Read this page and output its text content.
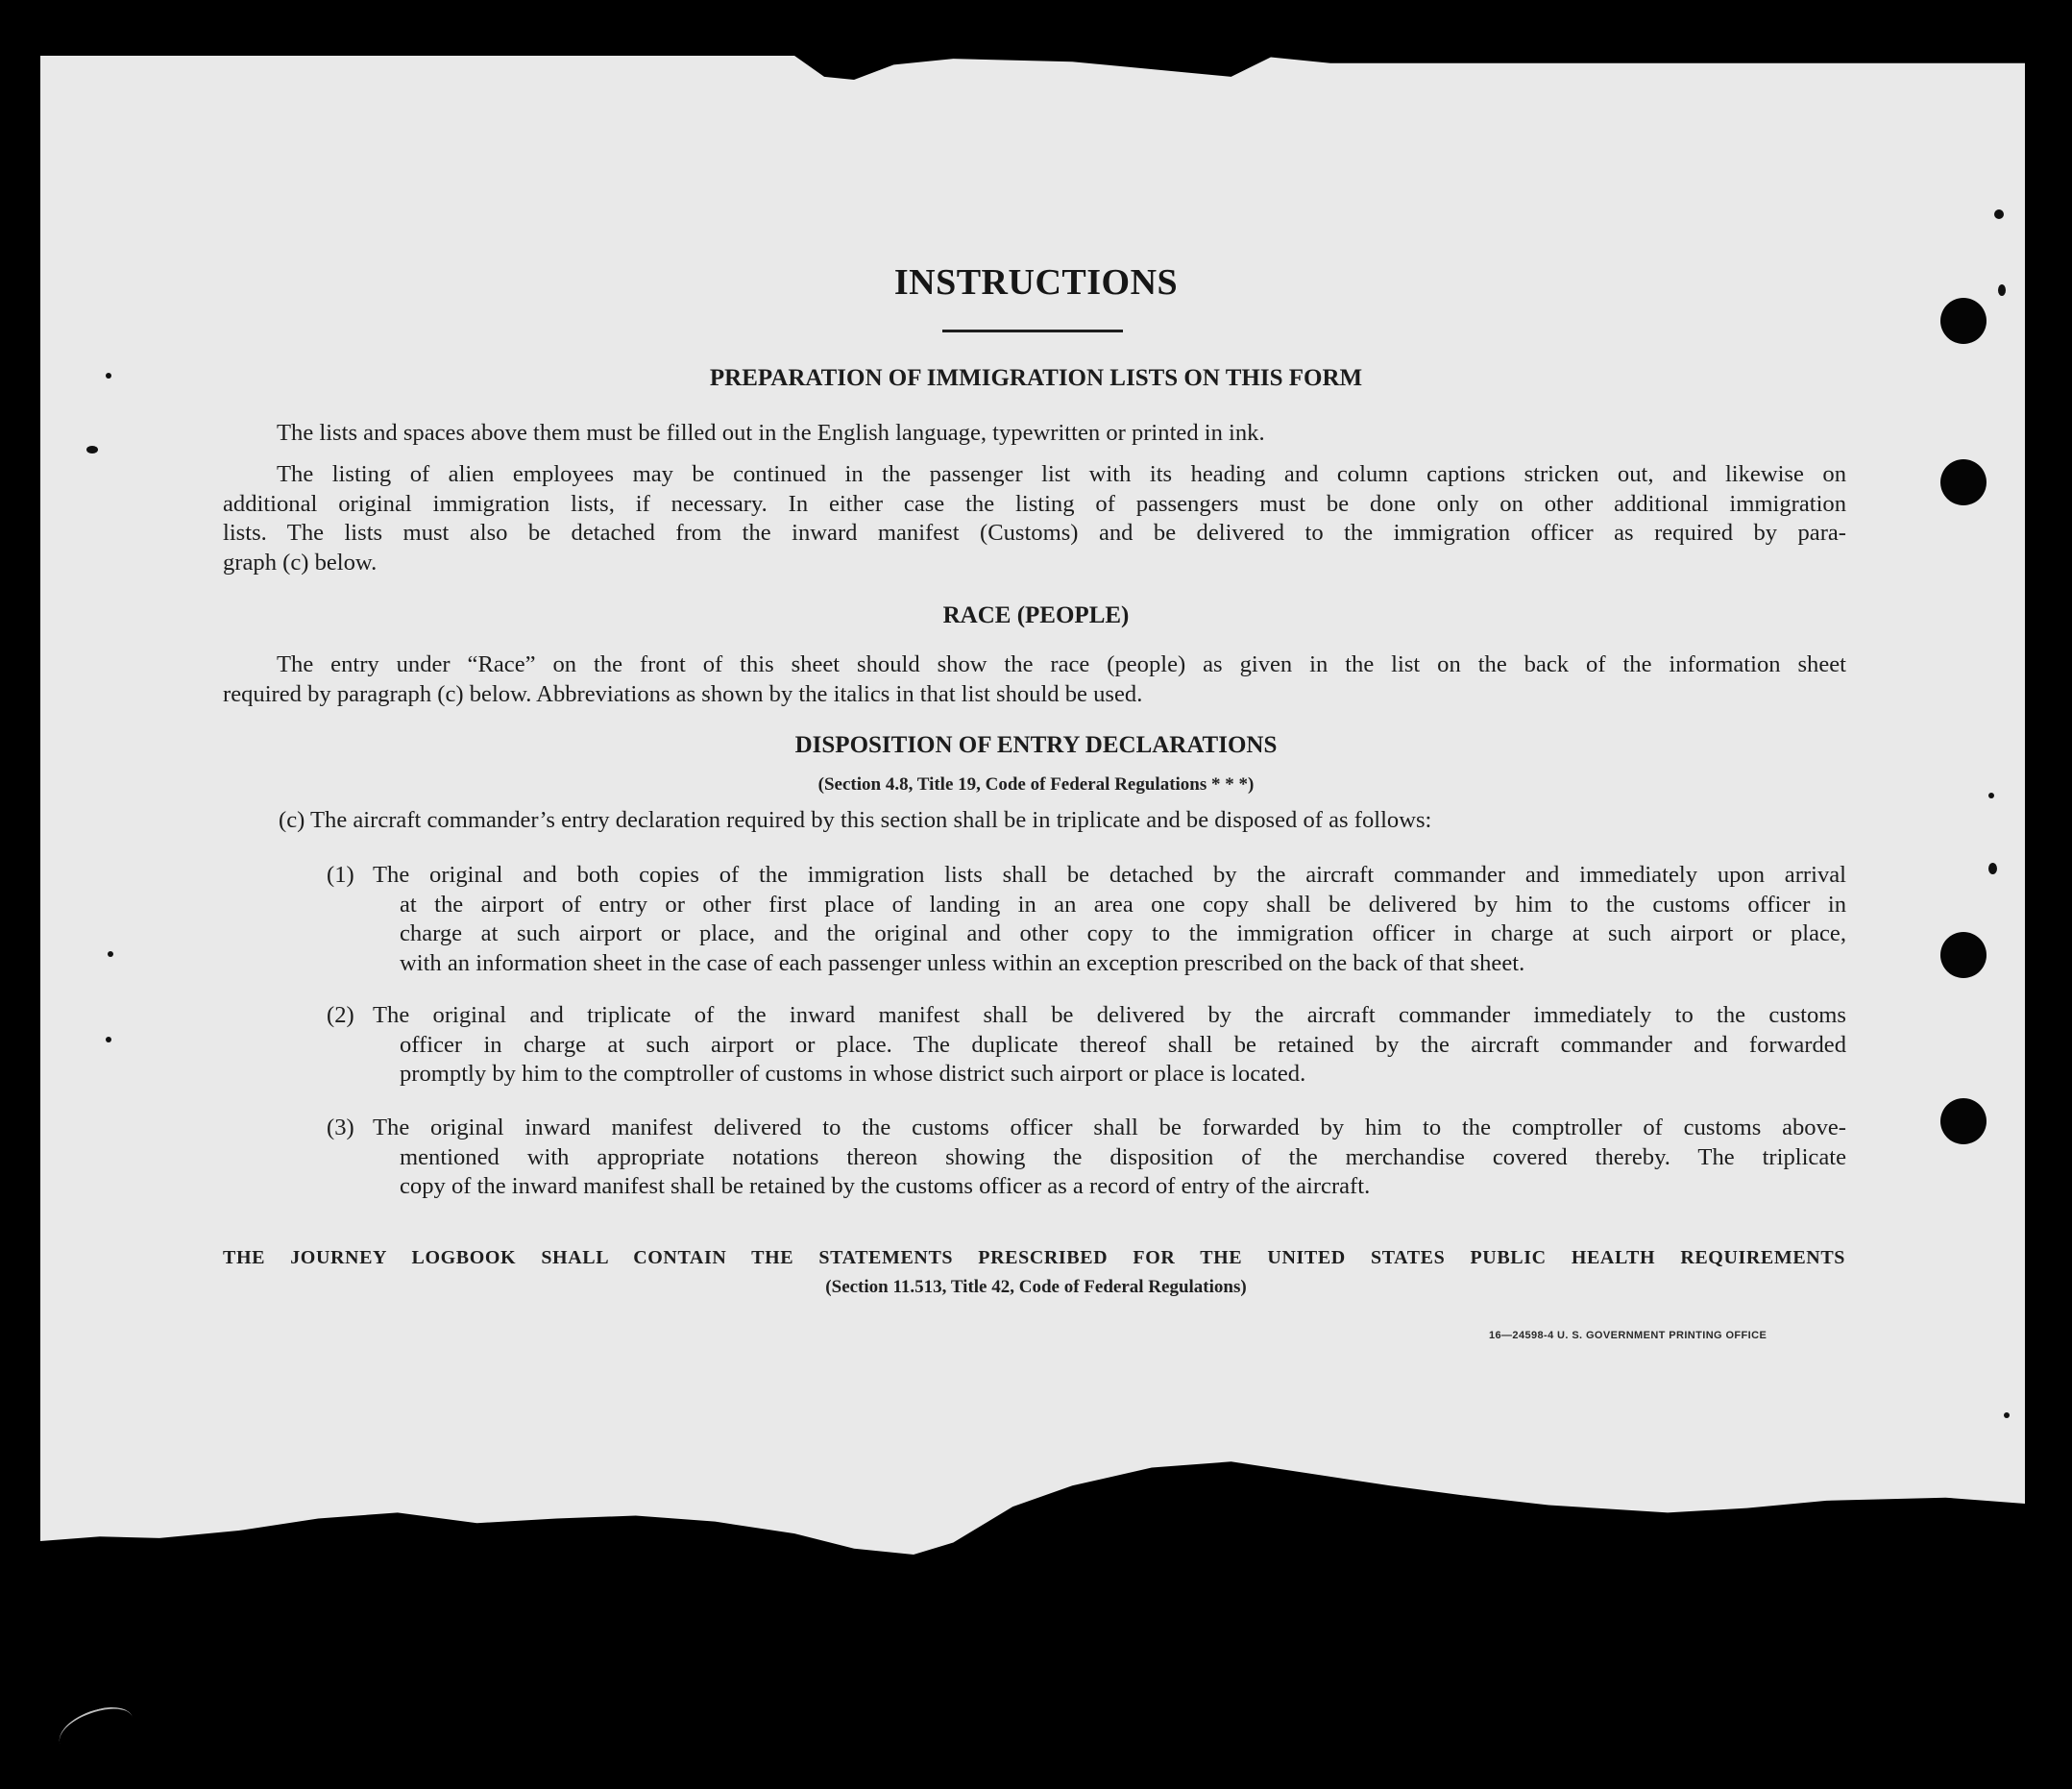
INSTRUCTIONS
PREPARATION OF IMMIGRATION LISTS ON THIS FORM

The lists and spaces above them must be filled out in the English language, typewritten or printed in ink.

The listing of alien employees may be continued in the passenger list with its heading and column captions stricken out, and likewise on
additional original immigration lists, if necessary. In either case the listing of passengers must be done only on other additional immigration
lists. The lists must also be detached from the inward manifest (Customs) and be delivered to the immigration officer as required by para-
graph (c) below.

RACE (PEOPLE)

The entry under “Race” on the front of this sheet should show the race (people) as given in the list on the back of the information sheet
required by paragraph (c) below. Abbreviations as shown by the italics in that list should be used.

DISPOSITION OF ENTRY DECLARATIONS
(Section 4.8, Title 19, Code of Federal Regulations * * *)

(c) The aircraft commander’s entry declaration required by this section shall be in triplicate and be disposed of as follows:

(1) The original and both copies of the immigration lists shall be detached by the aircraft commander and immediately upon arrival
at the airport of entry or other first place of landing in an area one copy shall be delivered by him to the customs officer in
charge at such airport or place, and the original and other copy to the immigration officer in charge at such airport or place,
with an information sheet in the case of each passenger unless within an exception prescribed on the back of that sheet.

(2) The original and triplicate of the inward manifest shall be delivered by the aircraft commander immediately to the customs
officer in charge at such airport or place. The duplicate thereof shall be retained by the aircraft commander and forwarded
promptly by him to the comptroller of customs in whose district such airport or place is located.

(3) The original inward manifest delivered to the customs officer shall be forwarded by him to the comptroller of customs above-
mentioned with appropriate notations thereon showing the disposition of the merchandise covered thereby. The triplicate
copy of the inward manifest shall be retained by the customs officer as a record of entry of the aircraft.

THE JOURNEY LOGBOOK SHALL CONTAIN THE STATEMENTS PRESCRIBED FOR THE UNITED STATES PUBLIC HEALTH REQUIREMENTS
(Section 11.513, Title 42, Code of Federal Regulations)
16—24598-4 U. S. GOVERNMENT PRINTING OFFICE
